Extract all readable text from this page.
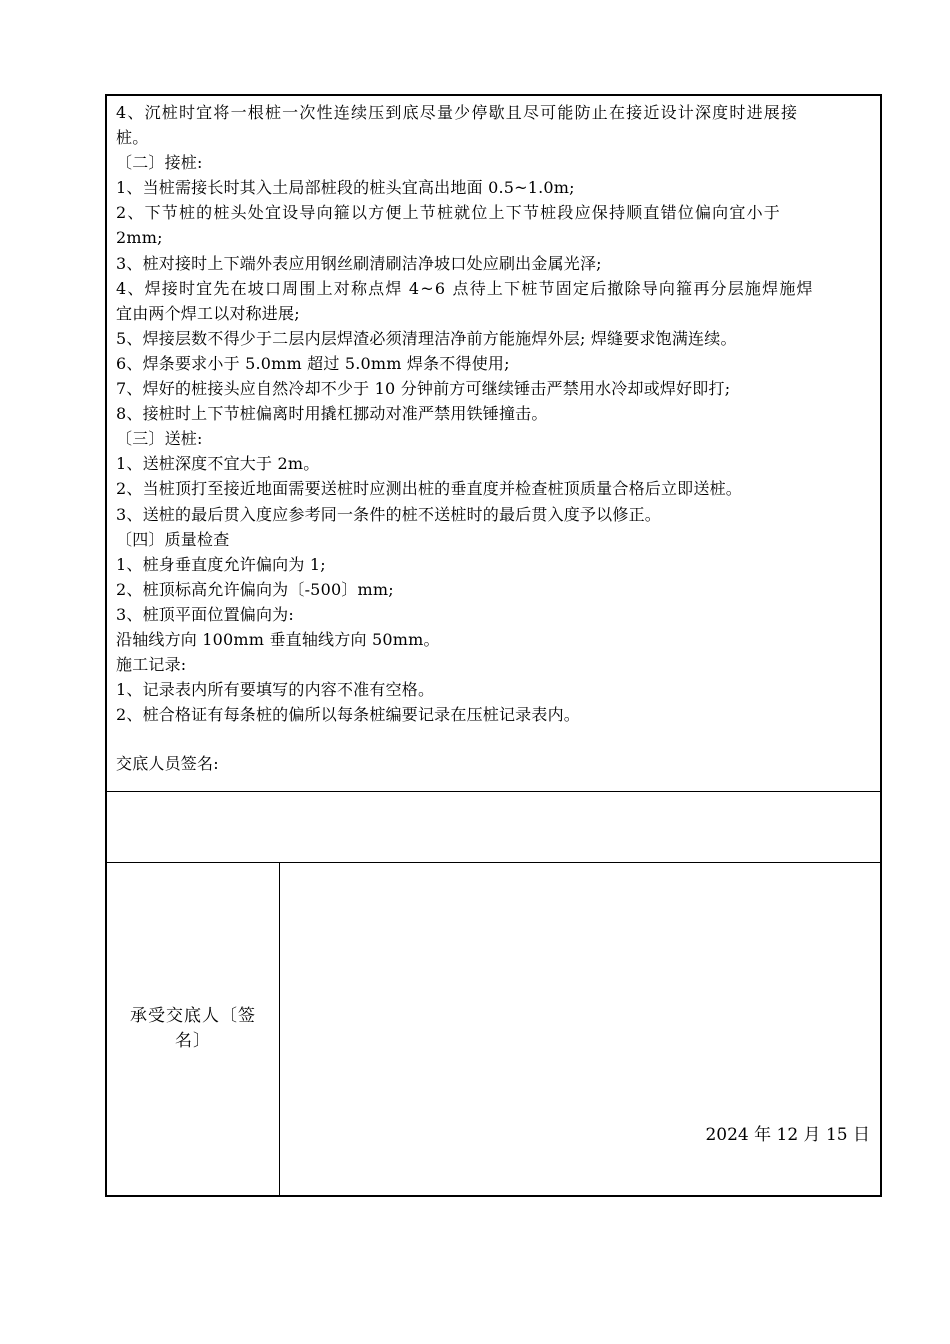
4、沉桩时宜将一根桩一次性连续压到底尽量少停歇且尽可能防止在接近设计深度时进展接
桩。
〔二〕接桩:
1、当桩需接长时其入土局部桩段的桩头宜高出地面 0.5~1.0m;
2、下节桩的桩头处宜设导向箍以方便上节桩就位上下节桩段应保持顺直错位偏向宜小于
2mm;
3、桩对接时上下端外表应用钢丝刷清刷洁净坡口处应刷出金属光泽;
4、焊接时宜先在坡口周围上对称点焊 4~6 点待上下桩节固定后撤除导向箍再分层施焊施焊
宜由两个焊工以对称进展;
5、焊接层数不得少于二层内层焊渣必须清理洁净前方能施焊外层; 焊缝要求饱满连续。
6、焊条要求小于 5.0mm 超过 5.0mm 焊条不得使用;
7、焊好的桩接头应自然冷却不少于 10 分钟前方可继续锤击严禁用水冷却或焊好即打;
8、接桩时上下节桩偏离时用撬杠挪动对准严禁用铁锤撞击。
〔三〕送桩:
1、送桩深度不宜大于 2m。
2、当桩顶打至接近地面需要送桩时应测出桩的垂直度并检查桩顶质量合格后立即送桩。
3、送桩的最后贯入度应参考同一条件的桩不送桩时的最后贯入度予以修正。
〔四〕质量检查
1、桩身垂直度允许偏向为 1;
2、桩顶标高允许偏向为〔-500〕mm;
3、桩顶平面位置偏向为:
沿轴线方向 100mm 垂直轴线方向 50mm。
施工记录:
1、记录表内所有要填写的内容不准有空格。
2、桩合格证有每条桩的偏所以每条桩编要记录在压桩记录表内。
交底人员签名:
承受交底人〔签名〕
2024 年 12 月 15 日
